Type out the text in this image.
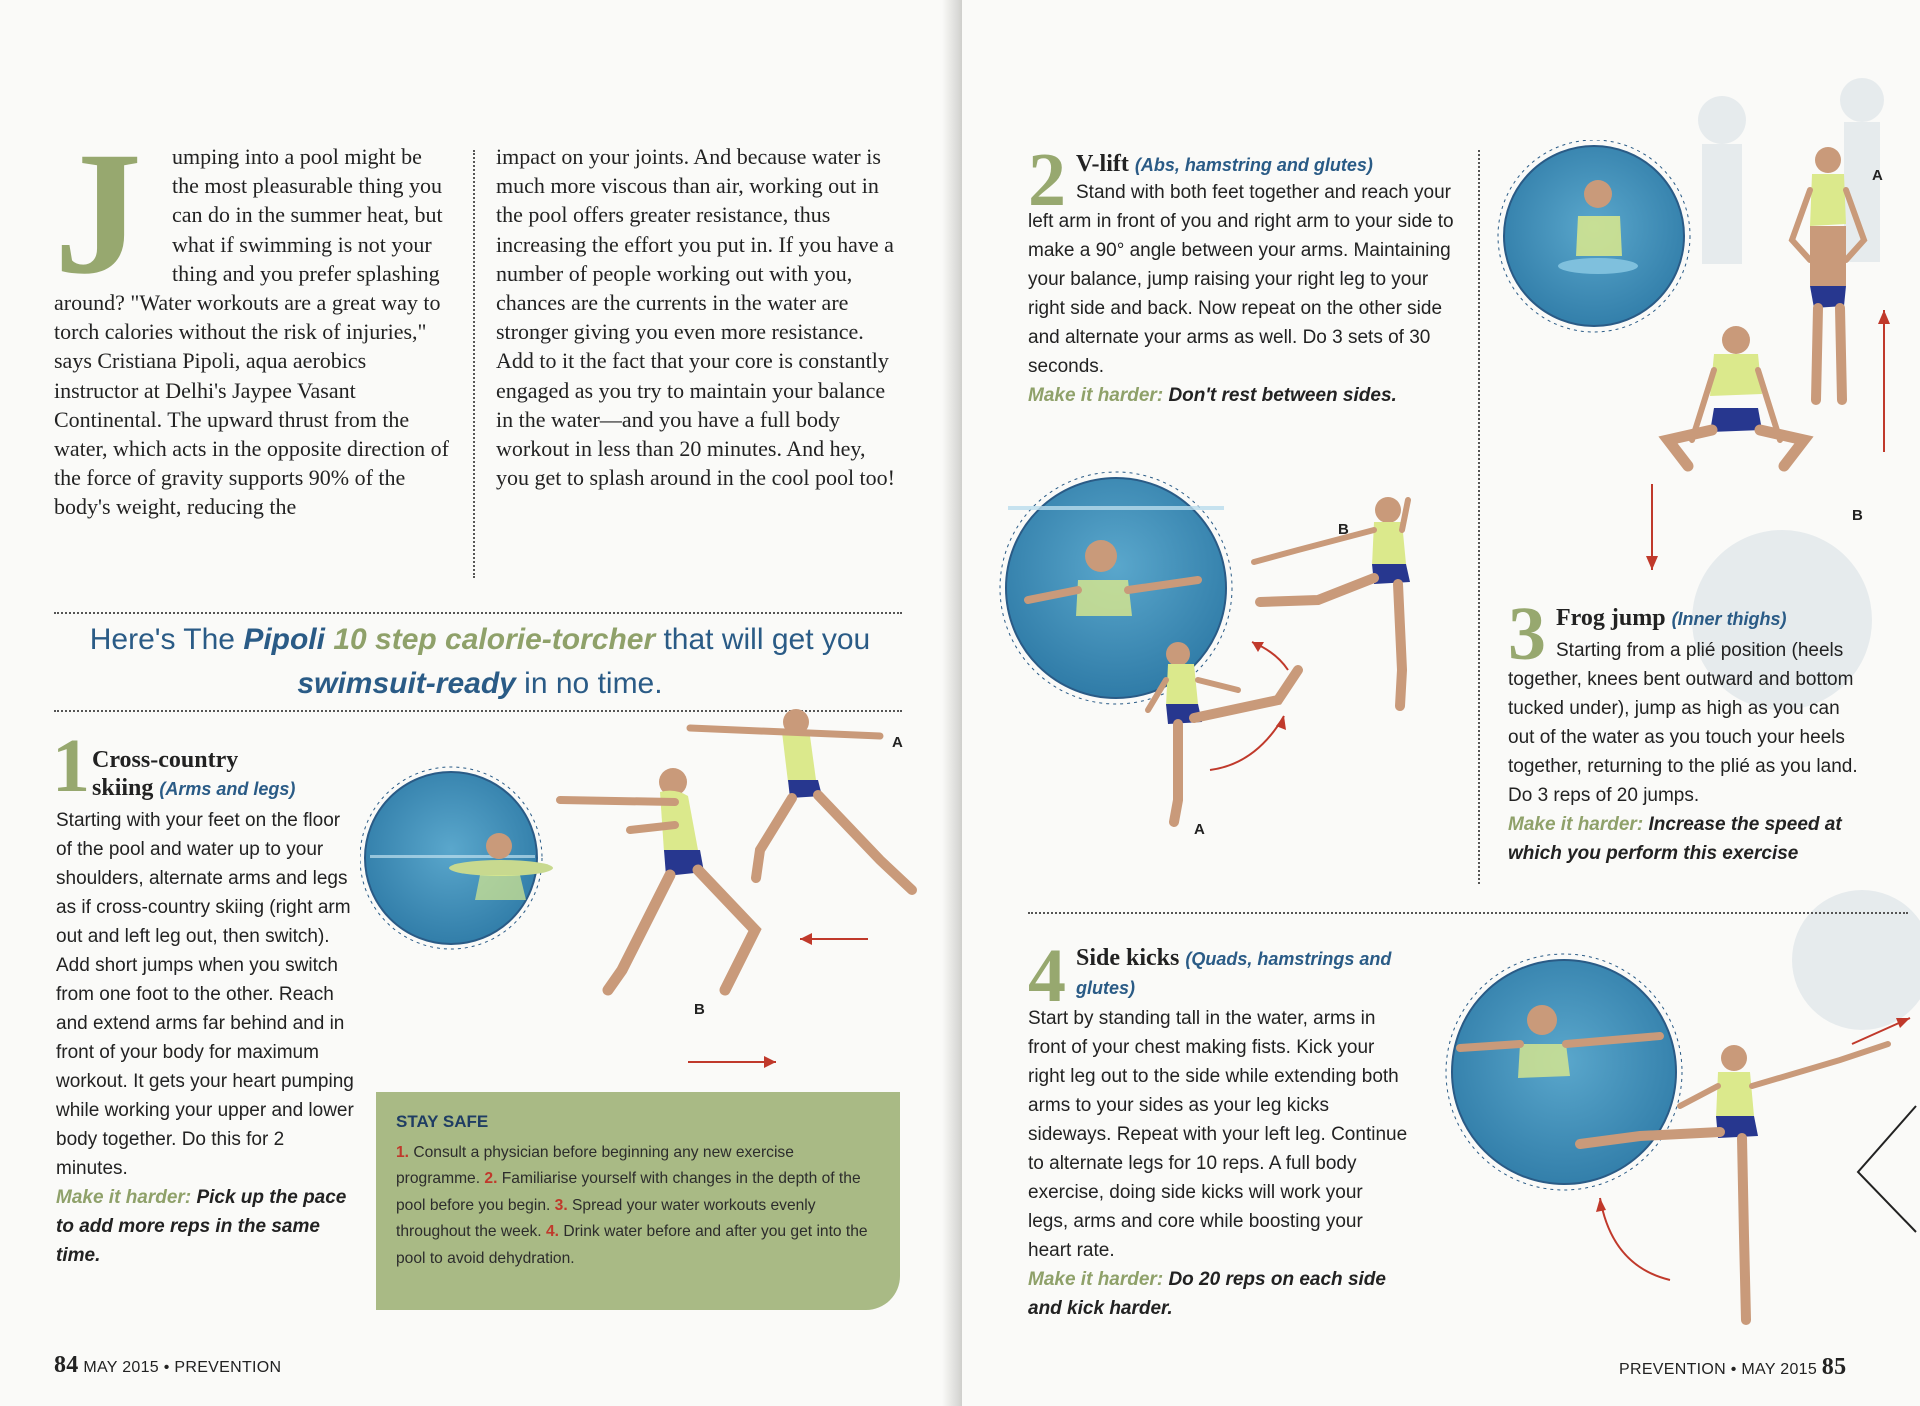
J	umping into a pool might be the most pleasurable thing you can do in the summer heat, but what if swimming is not your thing and you prefer splashing around? "Water workouts are a great way to torch calories without the risk of injuries," says Cristiana Pipoli, aqua aerobics instructor at Delhi's Jaypee Vasant Continental. The upward thrust from the water, which acts in the opposite direction of the force of gravity supports 90% of the body's weight, reducing the
impact on your joints. And because water is much more viscous than air, working out in the pool offers greater resistance, thus increasing the effort you put in. If you have a number of people working out with you, chances are the currents in the water are stronger giving you even more resistance. Add to it the fact that your core is constantly engaged as you try to maintain your balance in the water—and you have a full body workout in less than 20 minutes. And hey, you get to splash around in the cool pool too!
Here's The Pipoli 10 step calorie-torcher that will get you
swimsuit-ready in no time.
1 Cross-country
skiing (Arms and legs)
Starting with your feet on the floor of the pool and water up to your shoulders, alternate arms and legs as if cross-country skiing (right arm out and left leg out, then switch). Add short jumps when you switch from one foot to the other. Reach and extend arms far behind and in front of your body for maximum workout. It gets your heart pumping while working your upper and lower body together. Do this for 2 minutes.
Make it harder: Pick up the pace to add more reps in the same time.
A
B
STAY SAFE
1. Consult a physician before beginning any new exercise programme. 2. Familiarise yourself with changes in the depth of the pool before you begin. 3. Spread your water workouts evenly throughout the week. 4. Drink water before and after you get into the pool to avoid dehydration.
84 MAY 2015 • PREVENTION
2 V-lift (Abs, hamstring and glutes)
Stand with both feet together and reach your left arm in front of you and right arm to your side to make a 90° angle between your arms. Maintaining your balance, jump raising your right leg to your right side and back. Now repeat on the other side and alternate your arms as well. Do 3 sets of 30 seconds.
Make it harder: Don't rest between sides.
B
A
A
B
3 Frog jump (Inner thighs)
Starting from a plié position (heels together, knees bent outward and bottom tucked under), jump as high as you can out of the water as you touch your heels together, returning to the plié as you land. Do 3 reps of 20 jumps.
Make it harder: Increase the speed at which you perform this exercise
4 Side kicks (Quads, hamstrings and glutes)
Start by standing tall in the water, arms in front of your chest making fists. Kick your right leg out to the side while extending both arms to your sides as your leg kicks sideways. Repeat with your left leg. Continue to alternate legs for 10 reps. A full body exercise, doing side kicks will work your legs, arms and core while boosting your heart rate.
Make it harder: Do 20 reps on each side and kick harder.
PREVENTION • MAY 2015 85
